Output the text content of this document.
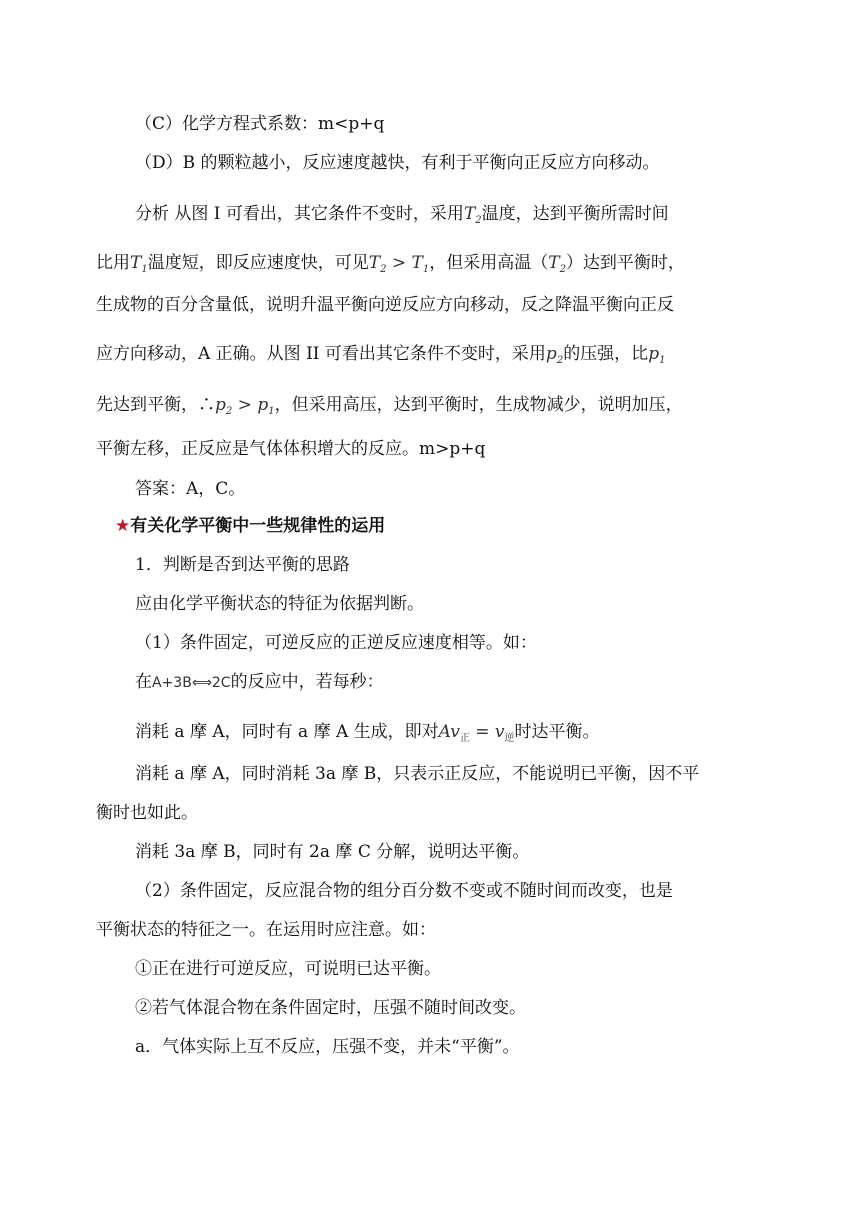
（C）化学方程式系数：m<p+q
（D）B 的颗粒越小，反应速度越快，有利于平衡向正反应方向移动。
分析 从图 I 可看出，其它条件不变时，采用$T_2$温度，达到平衡所需时间
比用$T_1$温度短，即反应速度快，可见$T_2 > T_1$，但采用高温$(T_2)$达到平衡时，
生成物的百分含量低，说明升温平衡向逆反应方向移动，反之降温平衡向正反
应方向移动，A 正确。从图 II 可看出其它条件不变时，采用$p_2$的压强，比$p_1$
先达到平衡，$\therefore p_2 > p_1$，但采用高压，达到平衡时，生成物减少，说明加压，
平衡左移，正反应是气体体积增大的反应。m>p+q
答案：A，C。
★有关化学平衡中一些规律性的运用
1．判断是否到达平衡的思路
应由化学平衡状态的特征为依据判断。
（1）条件固定，可逆反应的正逆反应速度相等。如：
在A+3B⟺2C的反应中，若每秒：
消耗 a 摩 A，同时有 a 摩 A 生成，即对$Av_正 = v_逆$时达平衡。
消耗 a 摩 A，同时消耗 3a 摩 B，只表示正反应，不能说明已平衡，因不平
衡时也如此。
消耗 3a 摩 B，同时有 2a 摩 C 分解，说明达平衡。
（2）条件固定，反应混合物的组分百分数不变或不随时间而改变，也是
平衡状态的特征之一。在运用时应注意。如：
①正在进行可逆反应，可说明已达平衡。
②若气体混合物在条件固定时，压强不随时间改变。
a．气体实际上互不反应，压强不变，并未“平衡”。
